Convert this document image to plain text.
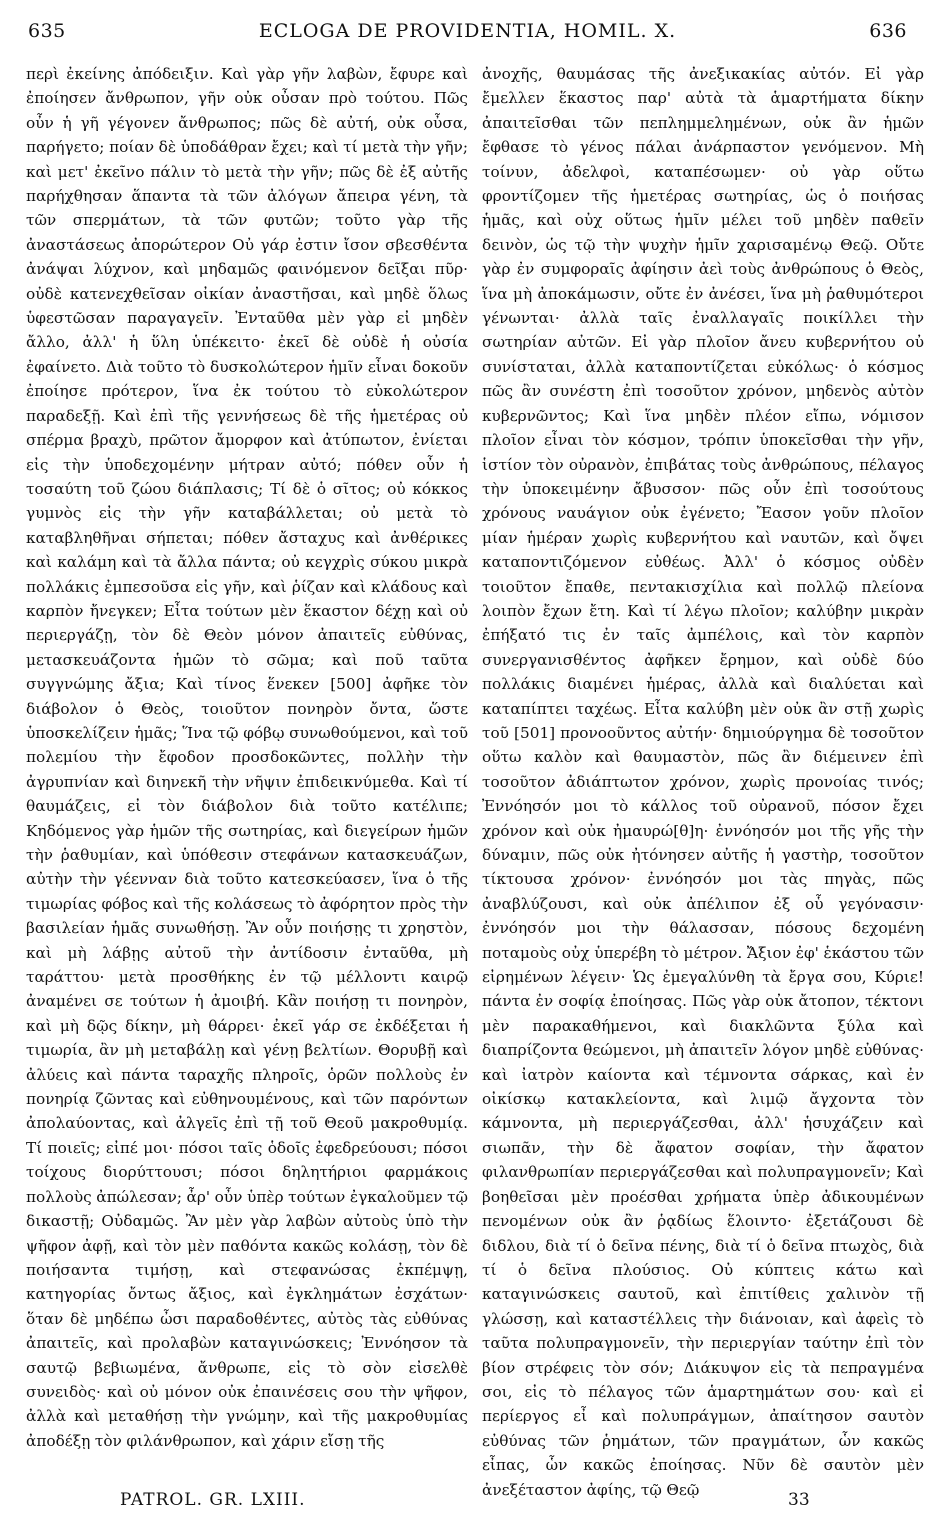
635	ECLOGA DE PROVIDENTIA, HOMIL. X.	636
περὶ ἐκείνης ἀπόδειξιν. Καὶ γὰρ γῆν λαβὼν, ἔφυρε καὶ ἐποίησεν ἄνθρωπον, γῆν οὐκ οὖσαν πρὸ τούτου. Πῶς οὖν ἡ γῆ γέγονεν ἄνθρωπος; πῶς δὲ αὐτή, οὐκ οὖσα, παρήγετο; ποίαν δὲ ὑποδάθραν ἔχει; καὶ τί μετὰ τὴν γῆν; καὶ μετ' ἐκεῖνο πάλιν τὸ μετὰ τὴν γῆν; πῶς δὲ ἐξ αὐτῆς παρήχθησαν ἅπαντα τὰ τῶν ἀλόγων ἄπειρα γένη, τὰ τῶν σπερμάτων, τὰ τῶν φυτῶν; τοῦτο γὰρ τῆς ἀναστάσεως ἀπορώτερον Οὐ γάρ ἐστιν ἴσον σβεσθέντα ἀνάψαι λύχνον, καὶ μηδαμῶς φαινόμενον δεῖξαι πῦρ· οὐδὲ κατενεχθεῖσαν οἰκίαν ἀναστῆσαι, καὶ μηδὲ ὅλως ὑφεστῶσαν παραγαγεῖν. Ἐνταῦθα μὲν γὰρ εἰ μηδὲν ἄλλο, ἀλλ' ἡ ὕλη ὑπέκειτο· ἐκεῖ δὲ οὐδὲ ἡ οὐσία ἐφαίνετο. Διὰ τοῦτο τὸ δυσκολώτερον ἡμῖν εἶναι δοκοῦν ἐποίησε πρότερον, ἵνα ἐκ τούτου τὸ εὐκολώτερον παραδεξῇ. Καὶ ἐπὶ τῆς γεννήσεως δὲ τῆς ἡμετέρας οὐ σπέρμα βραχὺ, πρῶτον ἄμορφον καὶ ἀτύπωτον, ἐνίεται εἰς τὴν ὑποδεχομένην μήτραν αὐτό; πόθεν οὖν ἡ τοσαύτη τοῦ ζώου διάπλασις; Τί δὲ ὁ σῖτος; οὐ κόκκος γυμνὸς εἰς τὴν γῆν καταβάλλεται; οὐ μετὰ τὸ καταβληθῆναι σήπεται; πόθεν ἄσταχυς καὶ ἀνθέρικες καὶ καλάμη καὶ τὰ ἄλλα πάντα; οὐ κεγχρὶς σύκου μικρὰ πολλάκις ἐμπεσοῦσα εἰς γῆν, καὶ ῥίζαν καὶ κλάδους καὶ καρπὸν ἤνεγκεν; Εἶτα τούτων μὲν ἕκαστον δέχῃ καὶ οὐ περιεργάζῃ, τὸν δὲ Θεὸν μόνον ἀπαιτεῖς εὐθύνας, μετασκευάζοντα ἡμῶν τὸ σῶμα; καὶ ποῦ ταῦτα συγγνώμης ἄξια; Καὶ τίνος ἕνεκεν [500] ἀφῆκε τὸν διάβολον ὁ Θεὸς, τοιοῦτον πονηρὸν ὄντα, ὥστε ὑποσκελίζειν ἡμᾶς; Ἵνα τῷ φόβῳ συνωθούμενοι, καὶ τοῦ πολεμίου τὴν ἔφοδον προσδοκῶντες, πολλὴν τὴν ἀγρυπνίαν καὶ διηνεκῆ τὴν νῆψιν ἐπιδεικνύμεθα. Καὶ τί θαυμάζεις, εἰ τὸν διάβολον διὰ τοῦτο κατέλιπε; Κηδόμενος γὰρ ἡμῶν τῆς σωτηρίας, καὶ διεγείρων ἡμῶν τὴν ῥαθυμίαν, καὶ ὑπόθεσιν στεφάνων κατασκευάζων, αὐτὴν τὴν γέενναν διὰ τοῦτο κατεσκεύασεν, ἵνα ὁ τῆς τιμωρίας φόβος καὶ τῆς κολάσεως τὸ ἀφόρητον πρὸς τὴν βασιλείαν ἡμᾶς συνωθήσῃ. Ἂν οὖν ποιήσῃς τι χρηστὸν, καὶ μὴ λάβῃς αὐτοῦ τὴν ἀντίδοσιν ἐνταῦθα, μὴ ταράττου· μετὰ προσθήκης ἐν τῷ μέλλοντι καιρῷ ἀναμένει σε τούτων ἡ ἀμοιβή. Κἂν ποιήσῃ τι πονηρὸν, καὶ μὴ δῷς δίκην, μὴ θάρρει· ἐκεῖ γάρ σε ἐκδέξεται ἡ τιμωρία, ἂν μὴ μεταβάλῃ καὶ γένῃ βελτίων. Θορυβῇ καὶ ἀλύεις καὶ πάντα ταραχῆς πληροῖς, ὁρῶν πολλοὺς ἐν πονηρίᾳ ζῶντας καὶ εὐθηνουμένους, καὶ τῶν παρόντων ἀπολαύοντας, καὶ ἀλγεῖς ἐπὶ τῇ τοῦ Θεοῦ μακροθυμίᾳ. Τί ποιεῖς; εἰπέ μοι· πόσοι ταῖς ὁδοῖς ἐφεδρεύουσι; πόσοι τοίχους διορύττουσι; πόσοι δηλητήριοι φαρμάκοις πολλοὺς ἀπώλεσαν; ἆρ' οὖν ὑπὲρ τούτων ἐγκαλοῦμεν τῷ δικαστῇ; Οὐδαμῶς. Ἂν μὲν γὰρ λαβὼν αὐτοὺς ὑπὸ τὴν ψῆφον ἀφῇ, καὶ τὸν μὲν παθόντα κακῶς κολάσῃ, τὸν δὲ ποιήσαντα τιμήσῃ, καὶ στεφανώσας ἐκπέμψῃ, κατηγορίας ὄντως ἄξιος, καὶ ἐγκλημάτων ἐσχάτων· ὅταν δὲ μηδέπω ὦσι παραδοθέντες, αὐτὸς τὰς εὐθύνας ἀπαιτεῖς, καὶ προλαβὼν καταγινώσκεις; Ἐννόησον τὰ σαυτῷ βεβιωμένα, ἄνθρωπε, εἰς τὸ σὸν εἰσελθὲ συνειδὸς· καὶ οὐ μόνον οὐκ ἐπαινέσεις σου τὴν ψῆφον, ἀλλὰ καὶ μεταθήσῃ τὴν γνώμην, καὶ τῆς μακροθυμίας ἀποδέξῃ τὸν φιλάνθρωπον, καὶ χάριν εἴσῃ τῆς
ἀνοχῆς, θαυμάσας τῆς ἀνεξικακίας αὐτόν. Εἰ γὰρ ἔμελλεν ἕκαστος παρ' αὐτὰ τὰ ἁμαρτήματα δίκην ἀπαιτεῖσθαι τῶν πεπλημμελημένων, οὐκ ἂν ἡμῶν ἔφθασε τὸ γένος πάλαι ἀνάρπαστον γενόμενον. Μὴ τοίνυν, ἀδελφοὶ, καταπέσωμεν· οὐ γὰρ οὕτω φροντίζομεν τῆς ἡμετέρας σωτηρίας, ὡς ὁ ποιήσας ἡμᾶς, καὶ οὐχ οὕτως ἡμῖν μέλει τοῦ μηδὲν παθεῖν δεινὸν, ὡς τῷ τὴν ψυχὴν ἡμῖν χαρισαμένῳ Θεῷ. Οὔτε γὰρ ἐν συμφοραῖς ἀφίησιν ἀεὶ τοὺς ἀνθρώπους ὁ Θεὸς, ἵνα μὴ ἀποκάμωσιν, οὔτε ἐν ἀνέσει, ἵνα μὴ ῥαθυμότεροι γένωνται· ἀλλὰ ταῖς ἐναλλαγαῖς ποικίλλει τὴν σωτηρίαν αὐτῶν. Εἰ γὰρ πλοῖον ἄνευ κυβερνήτου οὐ συνίσταται, ἀλλὰ καταποντίζεται εὐκόλως· ὁ κόσμος πῶς ἂν συνέστη ἐπὶ τοσοῦτον χρόνον, μηδενὸς αὐτὸν κυβερνῶντος; Καὶ ἵνα μηδὲν πλέον εἴπω, νόμισον πλοῖον εἶναι τὸν κόσμον, τρόπιν ὑποκεῖσθαι τὴν γῆν, ἱστίον τὸν οὐρανὸν, ἐπιβάτας τοὺς ἀνθρώπους, πέλαγος τὴν ὑποκειμένην ἄβυσσον· πῶς οὖν ἐπὶ τοσούτους χρόνους ναυάγιον οὐκ ἐγένετο; Ἔασον γοῦν πλοῖον μίαν ἡμέραν χωρὶς κυβερνήτου καὶ ναυτῶν, καὶ ὄψει καταποντιζόμενον εὐθέως. Ἀλλ' ὁ κόσμος οὐδὲν τοιοῦτον ἔπαθε, πεντακισχίλια καὶ πολλῷ πλείονα λοιπὸν ἔχων ἔτη. Καὶ τί λέγω πλοῖον; καλύβην μικρὰν ἐπήξατό τις ἐν ταῖς ἀμπέλοις, καὶ τὸν καρπὸν συνεργανισθέντος ἀφῆκεν ἔρημον, καὶ οὐδὲ δύο πολλάκις διαμένει ἡμέρας, ἀλλὰ καὶ διαλύεται καὶ καταπίπτει ταχέως. Εἶτα καλύβη μὲν οὐκ ἂν στῇ χωρὶς τοῦ [501] προνοοῦντος αὐτήν· δημιούργημα δὲ τοσοῦτον οὕτω καλὸν καὶ θαυμαστὸν, πῶς ἂν διέμεινεν ἐπὶ τοσοῦτον ἀδιάπτωτον χρόνον, χωρὶς προνοίας τινός; Ἐννόησόν μοι τὸ κάλλος τοῦ οὐρανοῦ, πόσον ἔχει χρόνον καὶ οὐκ ἠμαυρώ[θ]η· ἐννόησόν μοι τῆς γῆς τὴν δύναμιν, πῶς οὐκ ἠτόνησεν αὐτῆς ἡ γαστὴρ, τοσοῦτον τίκτουσα χρόνον· ἐννόησόν μοι τὰς πηγὰς, πῶς ἀναβλύζουσι, καὶ οὐκ ἀπέλιπον ἐξ οὗ γεγόνασιν· ἐννόησόν μοι τὴν θάλασσαν, πόσους δεχομένη ποταμοὺς οὐχ ὑπερέβη τὸ μέτρον. Ἄξιον ἐφ' ἑκάστου τῶν εἰρημένων λέγειν· Ὡς ἐμεγαλύνθη τὰ ἔργα σου, Κύριε! πάντα ἐν σοφίᾳ ἐποίησας. Πῶς γὰρ οὐκ ἄτοπον, τέκτονι μὲν παρακαθήμενοι, καὶ διακλῶντα ξύλα καὶ διαπρίζοντα θεώμενοι, μὴ ἀπαιτεῖν λόγον μηδὲ εὐθύνας· καὶ ἰατρὸν καίοντα καὶ τέμνοντα σάρκας, καὶ ἐν οἰκίσκῳ κατακλείοντα, καὶ λιμῷ ἄγχοντα τὸν κάμνοντα, μὴ περιεργάζεσθαι, ἀλλ' ἡσυχάζειν καὶ σιωπᾶν, τὴν δὲ ἄφατον σοφίαν, τὴν ἄφατον φιλανθρωπίαν περιεργάζεσθαι καὶ πολυπραγμονεῖν; Καὶ βοηθεῖσαι μὲν προέσθαι χρήματα ὑπὲρ ἀδικουμένων πενομένων οὐκ ἂν ῥᾳδίως ἕλοιντο· ἐξετάζουσι δὲ διδλου, διὰ τί ὁ δεῖνα πένης, διὰ τί ὁ δεῖνα πτωχὸς, διὰ τί ὁ δεῖνα πλούσιος. Οὐ κύπτεις κάτω καὶ καταγινώσκεις σαυτοῦ, καὶ ἐπιτίθεις χαλινὸν τῇ γλώσσῃ, καὶ καταστέλλεις τὴν διάνοιαν, καὶ ἀφεὶς τὸ ταῦτα πολυπραγμονεῖν, τὴν περιεργίαν ταύτην ἐπὶ τὸν βίον στρέφεις τὸν σόν; Διάκυψον εἰς τὰ πεπραγμένα σοι, εἰς τὸ πέλαγος τῶν ἁμαρτημάτων σου· καὶ εἰ περίεργος εἶ καὶ πολυπράγμων, ἀπαίτησον σαυτὸν εὐθύνας τῶν ῥημάτων, τῶν πραγμάτων, ὧν κακῶς εἶπας, ὧν κακῶς ἐποίησας. Νῦν δὲ σαυτὸν μὲν ἀνεξέταστον ἀφίης, τῷ Θεῷ
PATROL. GR. LXIII.	33
